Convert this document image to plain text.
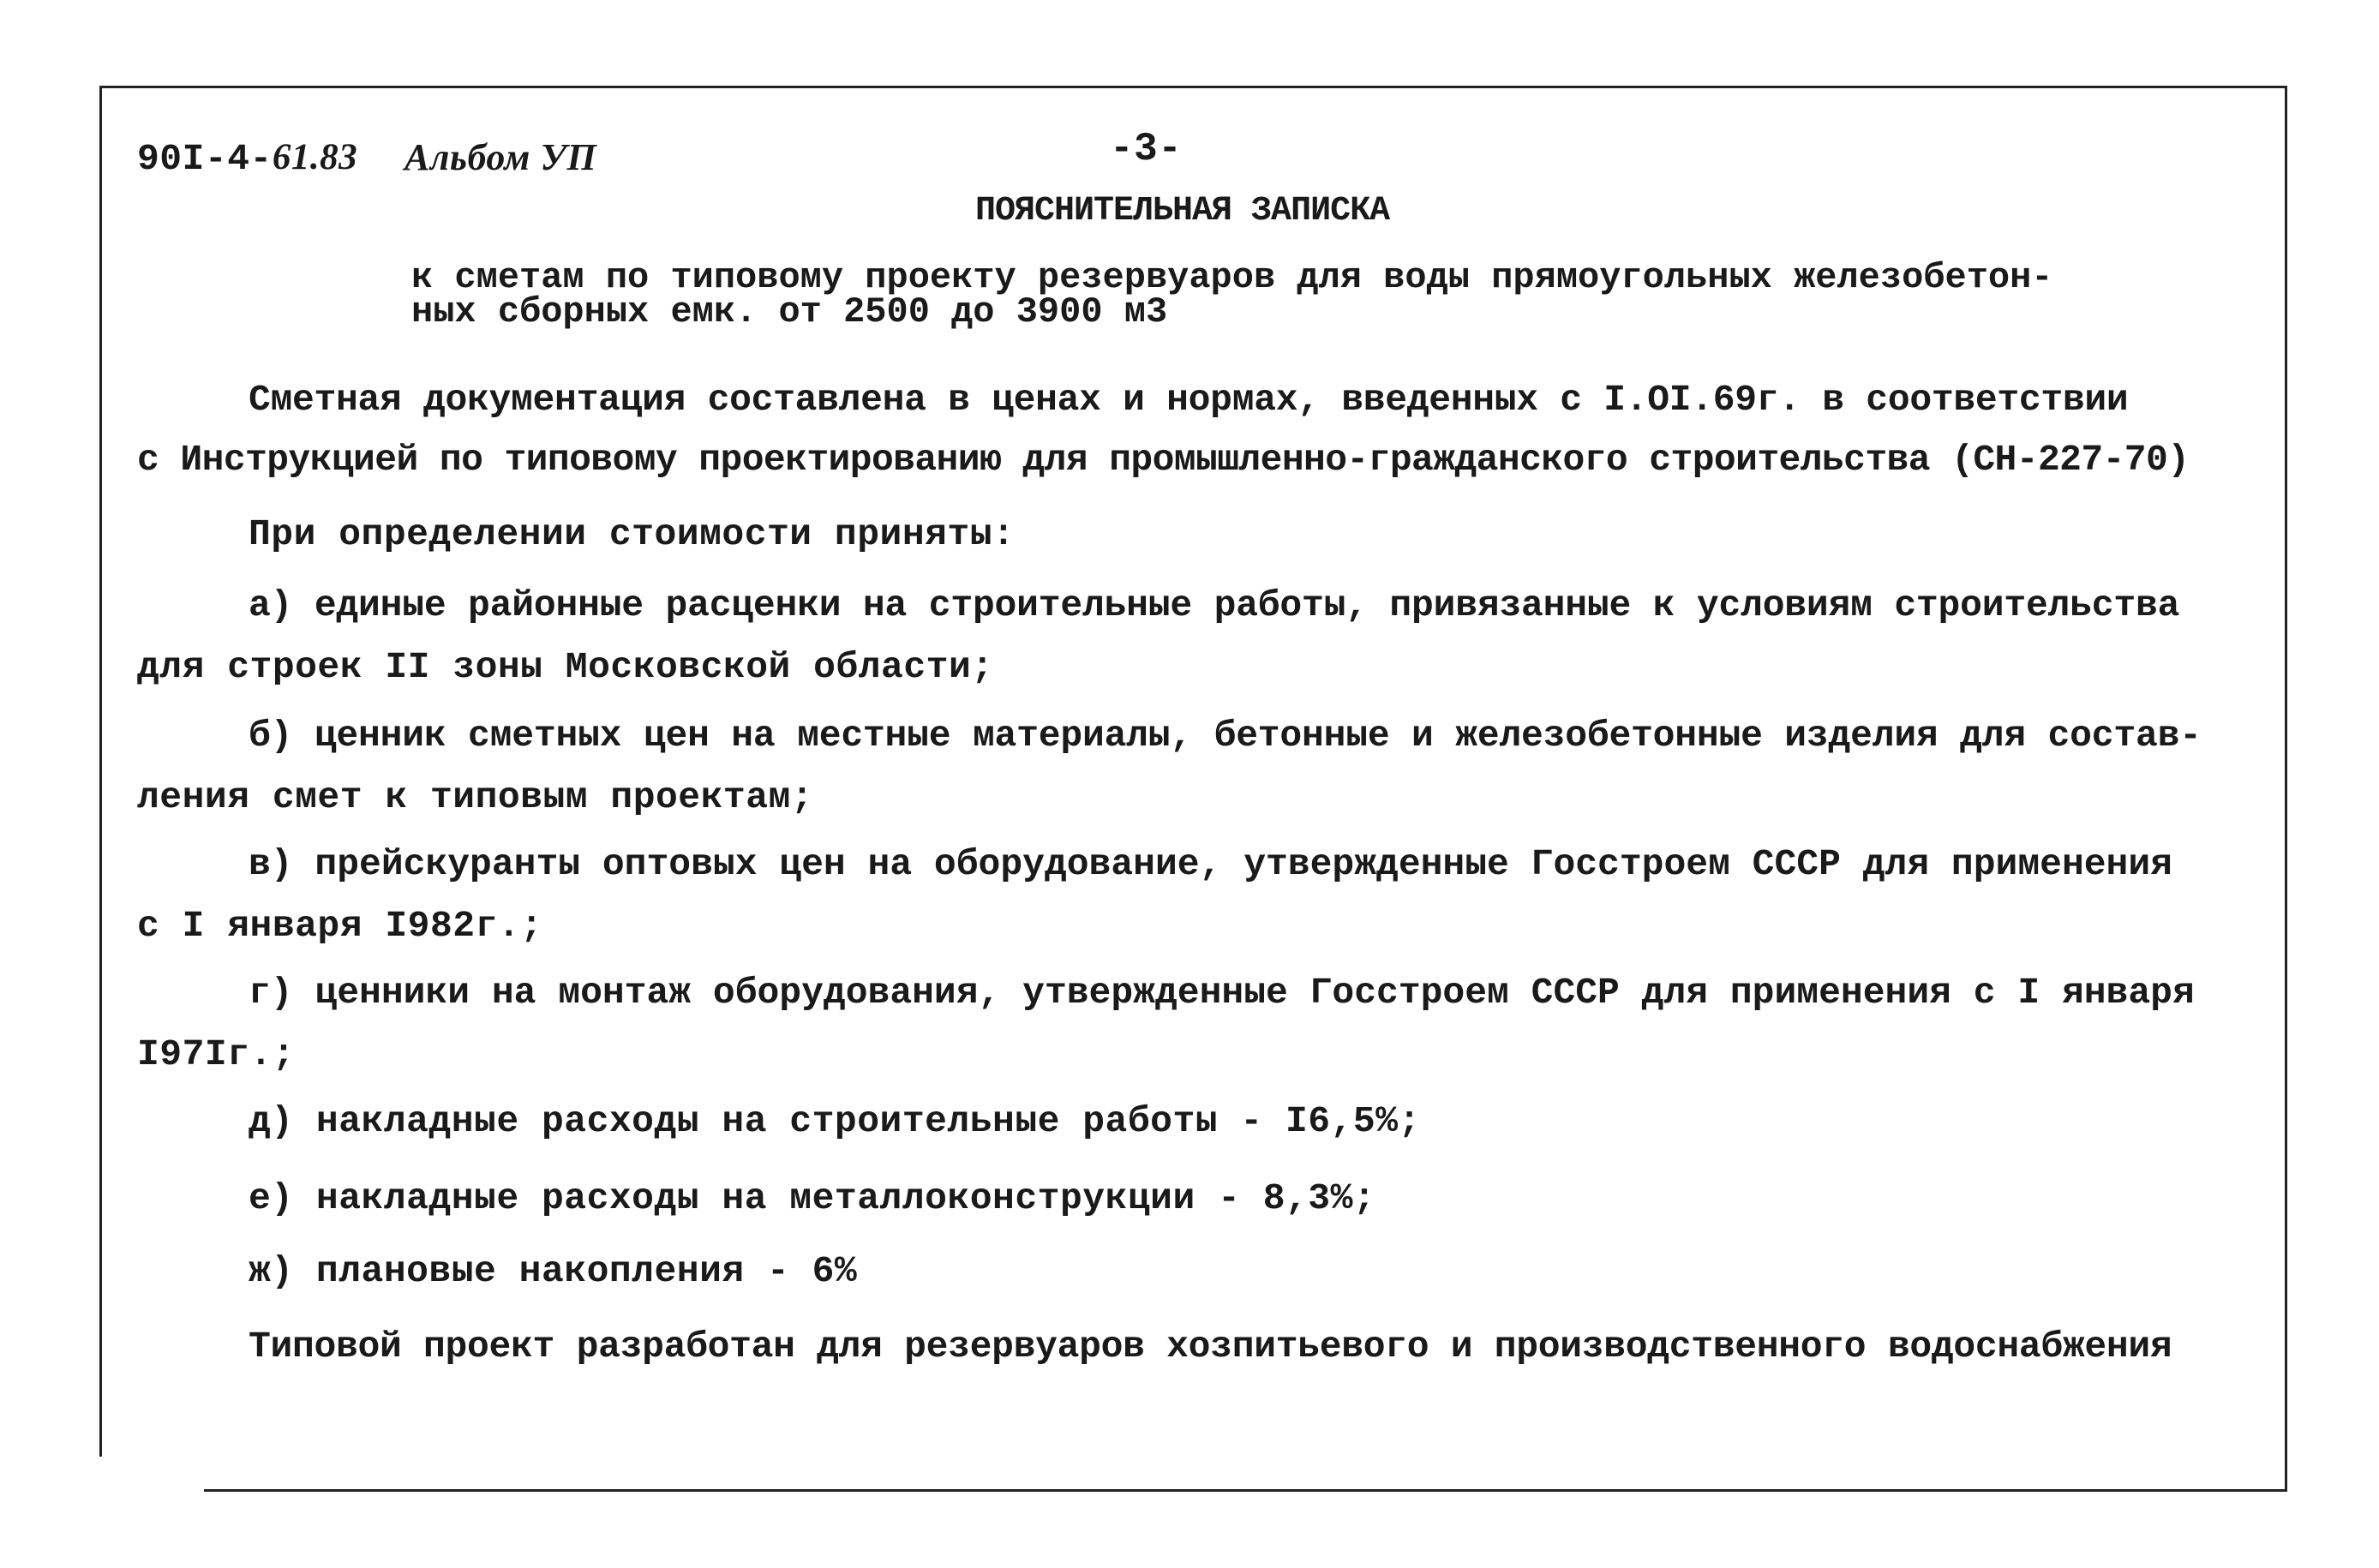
90I-4-61.83 Альбом УП	-3-
ПОЯСНИТЕЛЬНАЯ ЗАПИСКА
к сметам по типовому проекту резервуаров для воды прямоугольных железобетон-
ных сборных емк. от 2500 до 3900 м3
Сметная документация составлена в ценах и нормах, введенных с I.OI.69г. в соответствии
с Инструкцией по типовому проектированию для промышленно-гражданского строительства (СН-227-70)
При определении стоимости приняты:
а) единые районные расценки на строительные работы, привязанные к условиям строительства
для строек II зоны Московской области;
б) ценник сметных цен на местные материалы, бетонные и железобетонные изделия для состав-
ления смет к типовым проектам;
в) прейскуранты оптовых цен на оборудование, утвержденные Госстроем СССР для применения
с I января I982г.;
г) ценники на монтаж оборудования, утвержденные Госстроем СССР для применения с I января
I97Iг.;
д) накладные расходы на строительные работы - I6,5%;
е) накладные расходы на металлоконструкции - 8,3%;
ж) плановые накопления - 6%
Типовой проект разработан для резервуаров хозпитьевого и производственного водоснабжения
